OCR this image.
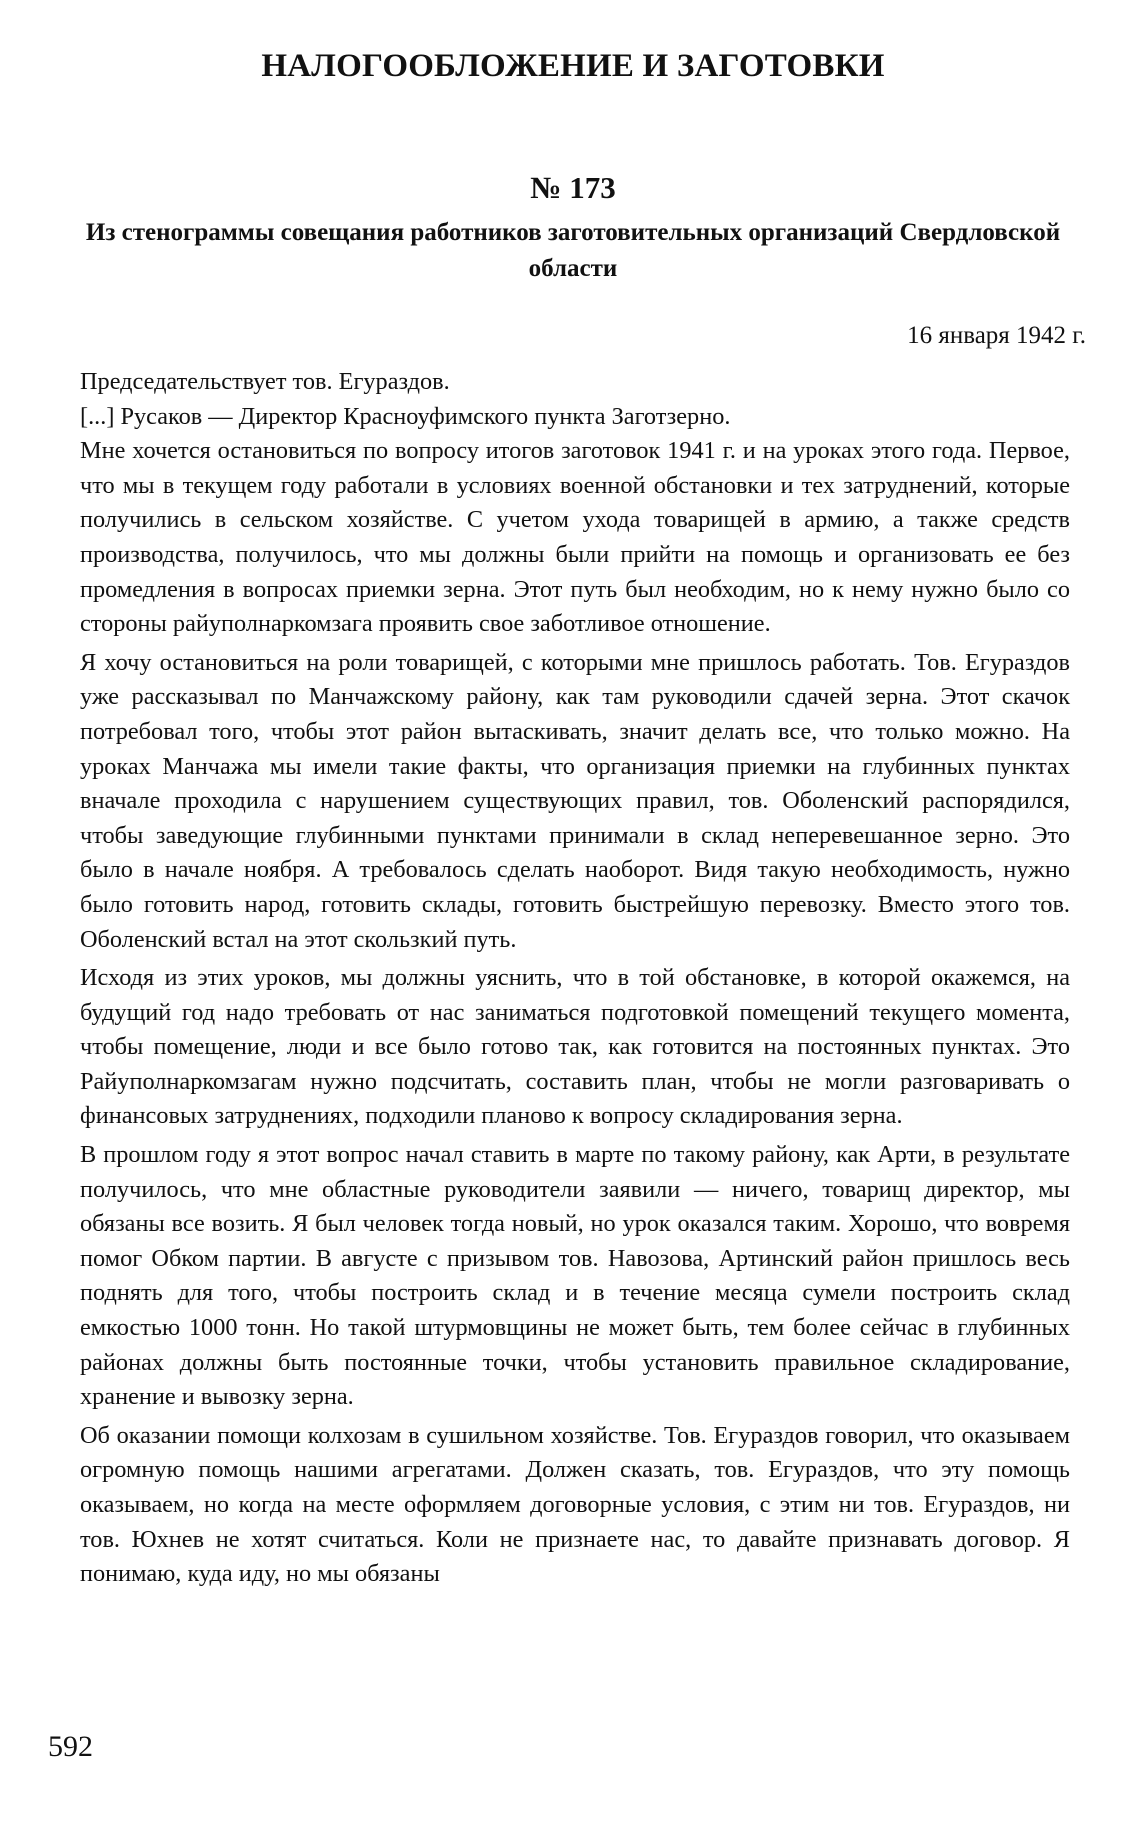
НАЛОГООБЛОЖЕНИЕ И ЗАГОТОВКИ
№ 173
Из стенограммы совещания работников заготовительных организаций Свердловской области
16 января 1942 г.

Председательствует тов. Егураздов.

[...] Русаков — Директор Красноуфимского пункта Заготзерно.

Мне хочется остановиться по вопросу итогов заготовок 1941 г. и на уроках этого года. Первое, что мы в текущем году работали в условиях военной обстановки и тех затруднений, которые получились в сельском хозяйстве. С учетом ухода товарищей в армию, а также средств производства, получилось, что мы должны были прийти на помощь и организовать ее без промедления в вопросах приемки зерна. Этот путь был необходим, но к нему нужно было со стороны райуполнаркомзага проявить свое заботливое отношение.

Я хочу остановиться на роли товарищей, с которыми мне пришлось работать. Тов. Егураздов уже рассказывал по Манчажскому району, как там руководили сдачей зерна. Этот скачок потребовал того, чтобы этот район вытаскивать, значит делать все, что только можно. На уроках Манчажа мы имели такие факты, что организация приемки на глубинных пунктах вначале проходила с нарушением существующих правил, тов. Оболенский распорядился, чтобы заведующие глубинными пунктами принимали в склад неперевешанное зерно. Это было в начале ноября. А требовалось сделать наоборот. Видя такую необходимость, нужно было готовить народ, готовить склады, готовить быстрейшую перевозку. Вместо этого тов. Оболенский встал на этот скользкий путь.

Исходя из этих уроков, мы должны уяснить, что в той обстановке, в которой окажемся, на будущий год надо требовать от нас заниматься подготовкой помещений текущего момента, чтобы помещение, люди и все было готово так, как готовится на постоянных пунктах. Это Райуполнаркомзагам нужно подсчитать, составить план, чтобы не могли разговаривать о финансовых затруднениях, подходили планово к вопросу складирования зерна.

В прошлом году я этот вопрос начал ставить в марте по такому району, как Арти, в результате получилось, что мне областные руководители заявили — ничего, товарищ директор, мы обязаны все возить. Я был человек тогда новый, но урок оказался таким. Хорошо, что вовремя помог Обком партии. В августе с призывом тов. Навозова, Артинский район пришлось весь поднять для того, чтобы построить склад и в течение месяца сумели построить склад емкостью 1000 тонн. Но такой штурмовщины не может быть, тем более сейчас в глубинных районах должны быть постоянные точки, чтобы установить правильное складирование, хранение и вывозку зерна.

Об оказании помощи колхозам в сушильном хозяйстве. Тов. Егураздов говорил, что оказываем огромную помощь нашими агрегатами. Должен сказать, тов. Егураздов, что эту помощь оказываем, но когда на месте оформляем договорные условия, с этим ни тов. Егураздов, ни тов. Юхнев не хотят считаться. Коли не признаете нас, то давайте признавать договор. Я понимаю, куда иду, но мы обязаны

592
